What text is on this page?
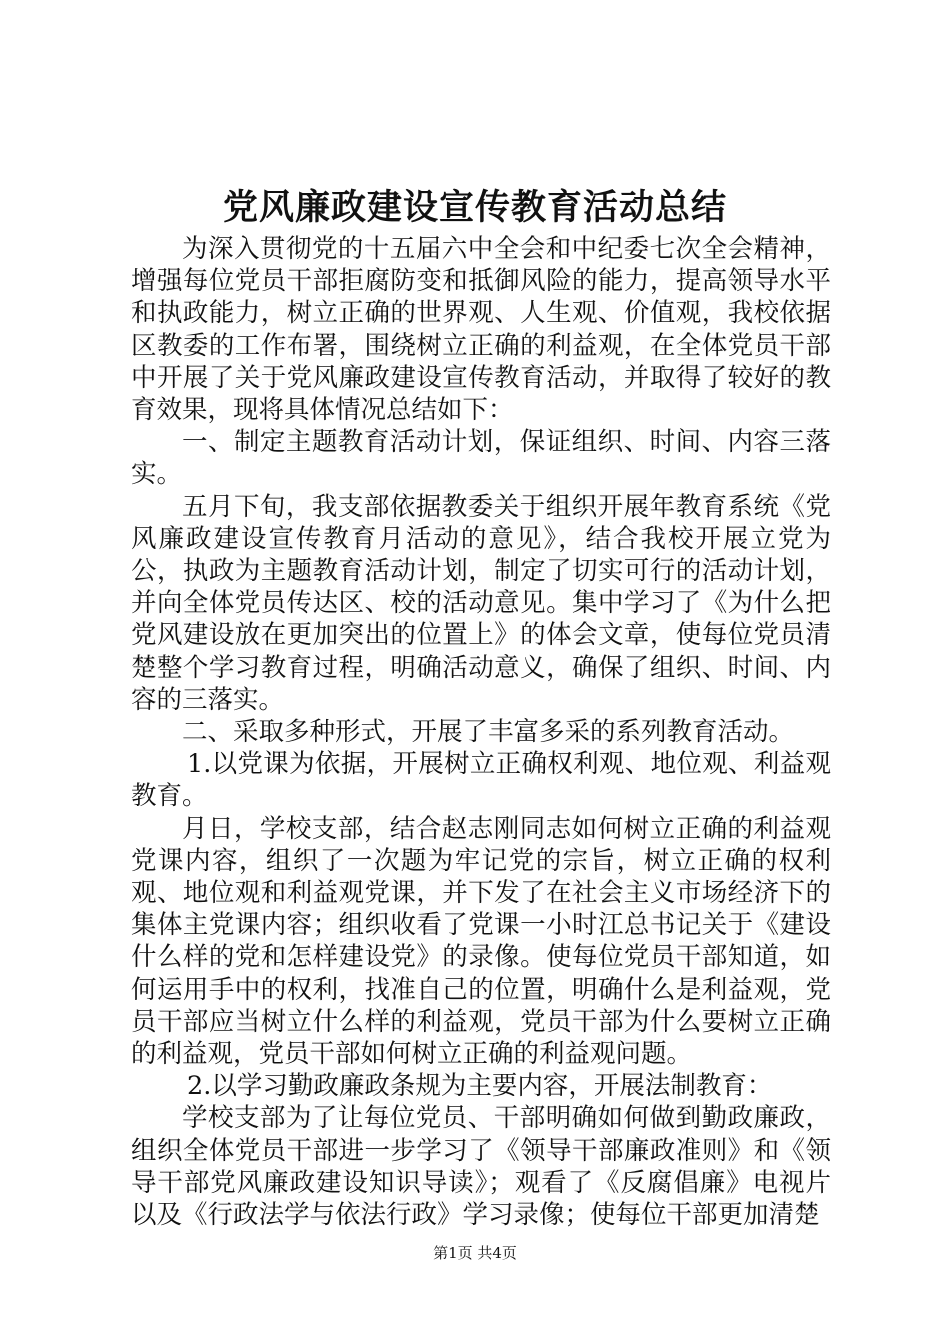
党风廉政建设宣传教育活动总结

为深入贯彻党的十五届六中全会和中纪委七次全会精神，增强每位党员干部拒腐防变和抵御风险的能力，提高领导水平和执政能力，树立正确的世界观、人生观、价值观，我校依据区教委的工作布署，围绕树立正确的利益观，在全体党员干部中开展了关于党风廉政建设宣传教育活动，并取得了较好的教育效果，现将具体情况总结如下：

一、制定主题教育活动计划，保证组织、时间、内容三落实。

五月下旬，我支部依据教委关于组织开展年教育系统《党风廉政建设宣传教育月活动的意见》，结合我校开展立党为公，执政为主题教育活动计划，制定了切实可行的活动计划，并向全体党员传达区、校的活动意见。集中学习了《为什么把党风建设放在更加突出的位置上》的体会文章，使每位党员清楚整个学习教育过程，明确活动意义，确保了组织、时间、内容的三落实。

二、采取多种形式，开展了丰富多采的系列教育活动。

1.以党课为依据，开展树立正确权利观、地位观、利益观教育。

月日，学校支部，结合赵志刚同志如何树立正确的利益观党课内容，组织了一次题为牢记党的宗旨，树立正确的权利观、地位观和利益观党课，并下发了在社会主义市场经济下的集体主党课内容；组织收看了党课一小时江总书记关于《建设什么样的党和怎样建设党》的录像。使每位党员干部知道，如何运用手中的权利，找准自己的位置，明确什么是利益观，党员干部应当树立什么样的利益观，党员干部为什么要树立正确的利益观，党员干部如何树立正确的利益观问题。

2.以学习勤政廉政条规为主要内容，开展法制教育：

学校支部为了让每位党员、干部明确如何做到勤政廉政，组织全体党员干部进一步学习了《领导干部廉政准则》和《领导干部党风廉政建设知识导读》；观看了《反腐倡廉》电视片以及《行政法学与依法行政》学习录像；使每位干部更加清楚

第1页 共4页
